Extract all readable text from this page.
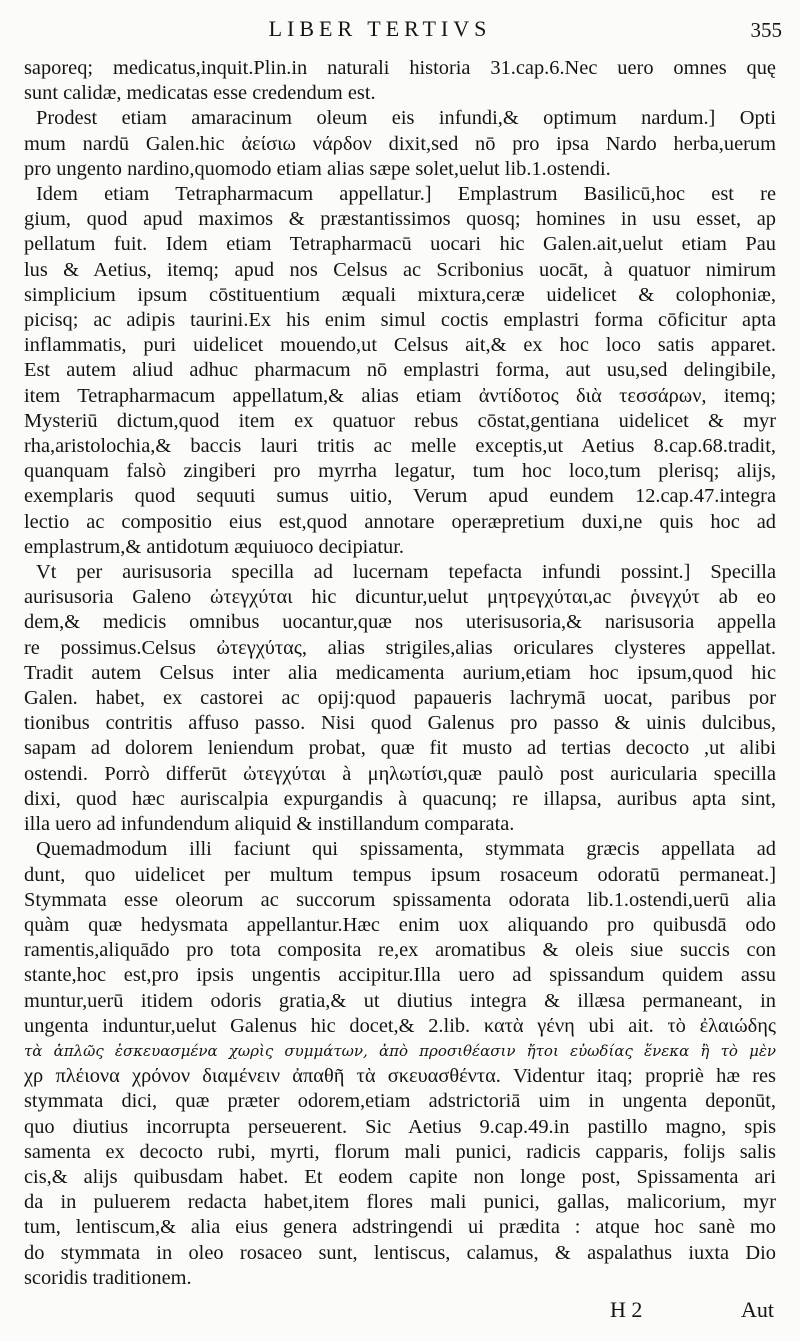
LIBER TERTIVS	355
saporeq; medicatus,inquit.Plin.in naturali historia 31.cap.6.Nec uero omnes quę
sunt calidæ, medicatas esse credendum est.
Prodest etiam amaracinum oleum eis infundi,& optimum nardum.] Opti
mum nardū Galen.hic ἀείσιω νάρδον dixit,sed nō pro ipsa Nardo herba,uerum
pro ungento nardino,quomodo etiam alias sæpe solet,uelut lib.1.ostendi.
Idem etiam Tetrapharmacum appellatur.] Emplastrum Basilicū,hoc est re
gium, quod apud maximos & præstantissimos quosq; homines in usu esset, ap
pellatum fuit. Idem etiam Tetrapharmacū uocari hic Galen.ait,uelut etiam Pau
lus & Aetius, itemq; apud nos Celsus ac Scribonius uocāt, à quatuor nimirum
simplicium ipsum cōstituentium æquali mixtura,ceræ uidelicet & colophoniæ,
picisq; ac adipis taurini.Ex his enim simul coctis emplastri forma cōficitur apta
inflammatis, puri uidelicet mouendo,ut Celsus ait,& ex hoc loco satis apparet.
Est autem aliud adhuc pharmacum nō emplastri forma, aut usu,sed delingibile,
item Tetrapharmacum appellatum,& alias etiam ἀντίδοτος διὰ τεσσάρων, itemq;
Mysteriū dictum,quod item ex quatuor rebus cōstat,gentiana uidelicet & myr
rha,aristolochia,& baccis lauri tritis ac melle exceptis,ut Aetius 8.cap.68.tradit,
quanquam falsò zingiberi pro myrrha legatur, tum hoc loco,tum plerisq; alijs,
exemplaris quod sequuti sumus uitio, Verum apud eundem 12.cap.47.integra
lectio ac compositio eius est,quod annotare operæpretium duxi,ne quis hoc ad
emplastrum,& antidotum æquiuoco decipiatur.
Vt per aurisusoria specilla ad lucernam tepefacta infundi possint.] Specilla
aurisusoria Galeno ὠτεγχύται hic dicuntur,uelut μητρεγχύται,ac ῥινεγχύτ ab eo
dem,& medicis omnibus uocantur,quæ nos uterisusoria,& narisusoria appella
re possimus.Celsus ὠτεγχύτας, alias strigiles,alias oriculares clysteres appellat.
Tradit autem Celsus inter alia medicamenta aurium,etiam hoc ipsum,quod hic
Galen. habet, ex castorei ac opij:quod papaueris lachrymā uocat, paribus por
tionibus contritis affuso passo. Nisi quod Galenus pro passo & uinis dulcibus,
sapam ad dolorem leniendum probat, quæ fit musto ad tertias decocto ,ut alibi
ostendi. Porrò differūt ὠτεγχύται à μηλωτίσι,quæ paulò post auricularia specilla
dixi, quod hæc auriscalpia expurgandis à quacunq; re illapsa, auribus apta sint,
illa uero ad infundendum aliquid & instillandum comparata.
Quemadmodum illi faciunt qui spissamenta, stymmata græcis appellata ad
dunt, quo uidelicet per multum tempus ipsum rosaceum odoratū permaneat.]
Stymmata esse oleorum ac succorum spissamenta odorata lib.1.ostendi,uerū alia
quàm quæ hedysmata appellantur.Hæc enim uox aliquando pro quibusdā odo
ramentis,aliquādo pro tota composita re,ex aromatibus & oleis siue succis con
stante,hoc est,pro ipsis ungentis accipitur.Illa uero ad spissandum quidem assu
muntur,uerū itidem odoris gratia,& ut diutius integra & illæsa permaneant, in
ungenta induntur,uelut Galenus hic docet,& 2.lib. κατὰ γένη ubi ait. τὸ ἐλαιώδης
τὰ ἁπλῶς ἐσκευασμένα χωρὶς συμμάτων, ἀπὸ προσιθέασιν ἤτοι εὐωδίας ἕνεκα ἢ τὸ μὲν
χρ πλέιονα χρόνον διαμένειν ἀπαθῆ τὰ σκευασθέντα. Videntur itaq; propriè hæ res
stymmata dici, quæ præter odorem,etiam adstrictoriā uim in ungenta deponūt,
quo diutius incorrupta perseuerent. Sic Aetius 9.cap.49.in pastillo magno, spis
samenta ex decocto rubi, myrti, florum mali punici, radicis capparis, folijs salis
cis,& alijs quibusdam habet. Et eodem capite non longe post, Spissamenta ari
da in puluerem redacta habet,item flores mali punici, gallas, malicorium, myr
tum, lentiscum,& alia eius genera adstringendi ui prædita : atque hoc sanè mo
do stymmata in oleo rosaceo sunt, lentiscus, calamus, & aspalathus iuxta Dio
scoridis traditionem.
H 2	Aut
